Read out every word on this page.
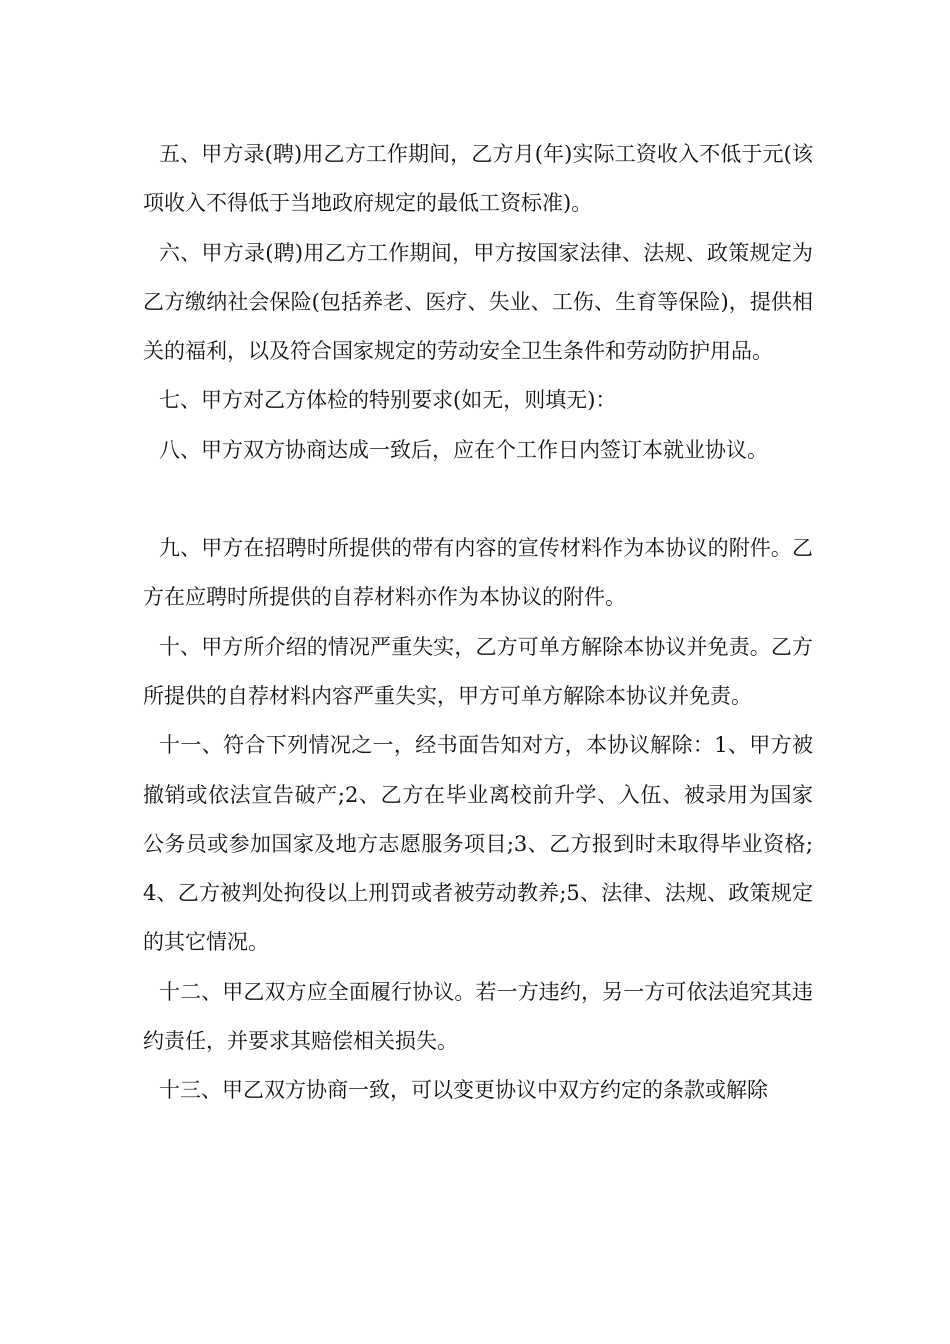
五、甲方录(聘)用乙方工作期间，乙方月(年)实际工资收入不低于元(该项收入不得低于当地政府规定的最低工资标准)。

六、甲方录(聘)用乙方工作期间，甲方按国家法律、法规、政策规定为乙方缴纳社会保险(包括养老、医疗、失业、工伤、生育等保险)，提供相关的福利，以及符合国家规定的劳动安全卫生条件和劳动防护用品。

七、甲方对乙方体检的特别要求(如无，则填无)：

八、甲方双方协商达成一致后，应在个工作日内签订本就业协议。

九、甲方在招聘时所提供的带有内容的宣传材料作为本协议的附件。乙方在应聘时所提供的自荐材料亦作为本协议的附件。

十、甲方所介绍的情况严重失实，乙方可单方解除本协议并免责。乙方所提供的自荐材料内容严重失实，甲方可单方解除本协议并免责。

十一、符合下列情况之一，经书面告知对方，本协议解除：1、甲方被撤销或依法宣告破产;2、乙方在毕业离校前升学、入伍、被录用为国家公务员或参加国家及地方志愿服务项目;3、乙方报到时未取得毕业资格;4、乙方被判处拘役以上刑罚或者被劳动教养;5、法律、法规、政策规定的其它情况。

十二、甲乙双方应全面履行协议。若一方违约，另一方可依法追究其违约责任，并要求其赔偿相关损失。

十三、甲乙双方协商一致，可以变更协议中双方约定的条款或解除
